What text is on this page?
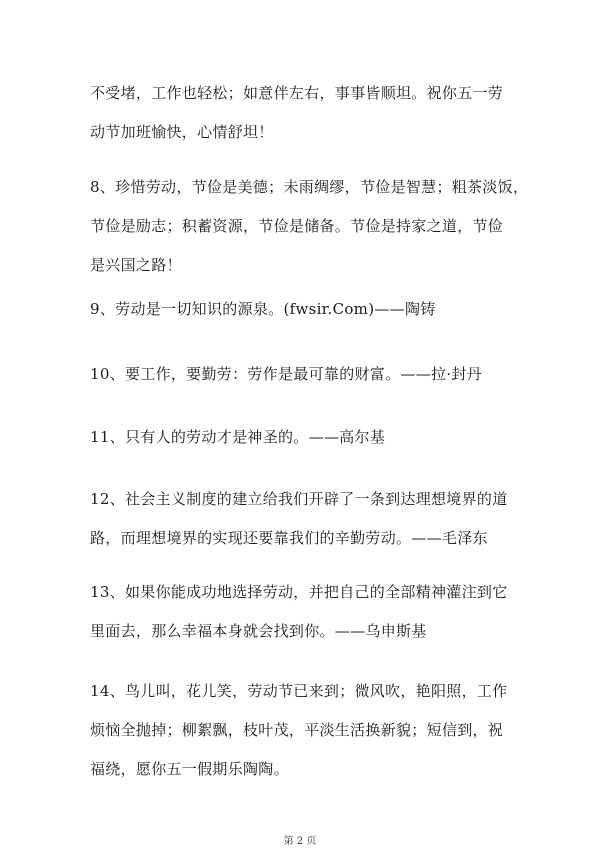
不受堵，工作也轻松；如意伴左右，事事皆顺坦。祝你五一劳
动节加班愉快，心情舒坦！
8、珍惜劳动，节俭是美德；未雨绸缪，节俭是智慧；粗茶淡饭，
节俭是励志；积蓄资源，节俭是储备。节俭是持家之道，节俭
是兴国之路！
9、劳动是一切知识的源泉。(fwsir.Com)——陶铸
10、要工作，要勤劳：劳作是最可靠的财富。——拉·封丹
11、只有人的劳动才是神圣的。——高尔基
12、社会主义制度的建立给我们开辟了一条到达理想境界的道
路，而理想境界的实现还要靠我们的辛勤劳动。——毛泽东
13、如果你能成功地选择劳动，并把自己的全部精神灌注到它
里面去，那么幸福本身就会找到你。——乌申斯基
14、鸟儿叫，花儿笑，劳动节已来到；微风吹，艳阳照，工作
烦恼全抛掉；柳絮飘，枝叶茂，平淡生活换新貌；短信到，祝
福绕，愿你五一假期乐陶陶。
第 2 页
